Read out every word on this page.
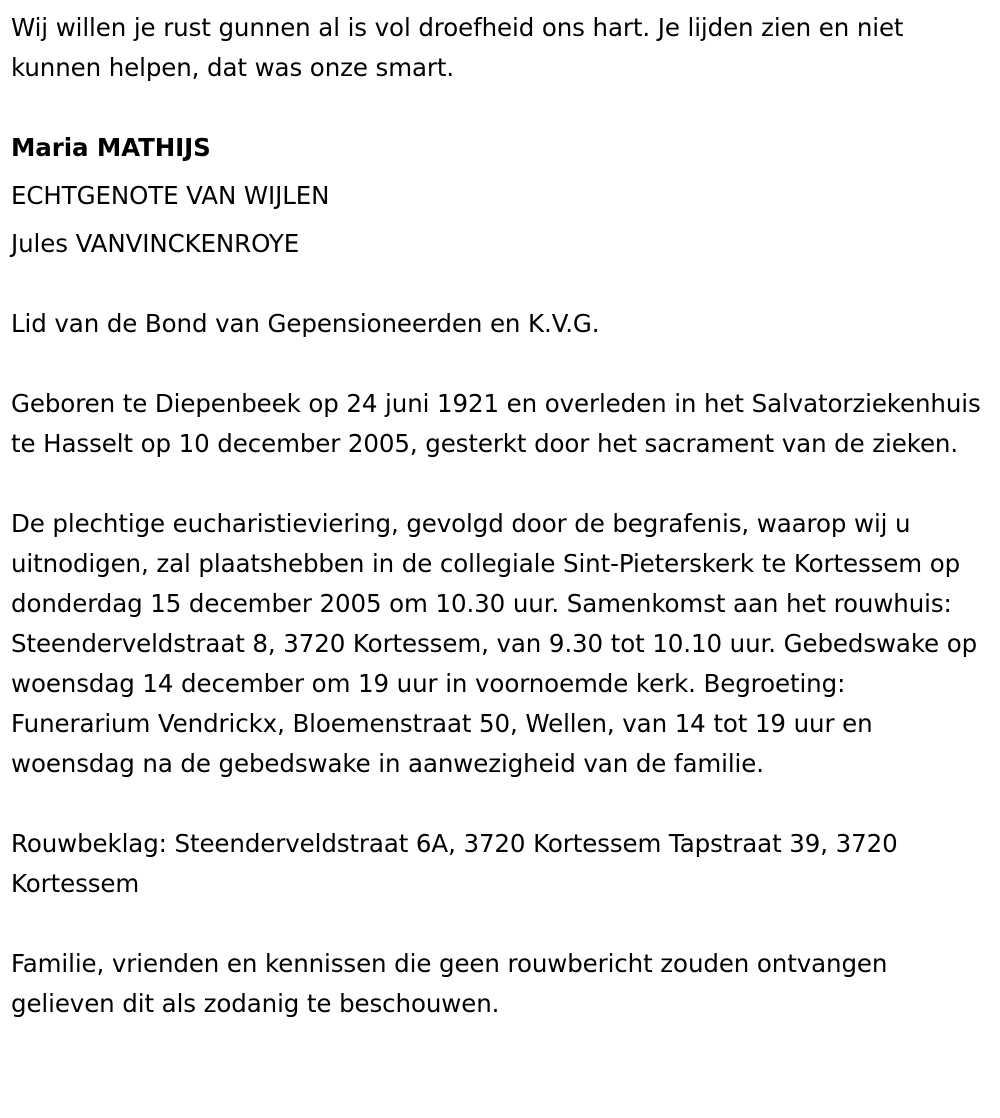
Wij willen je rust gunnen al is vol droefheid ons hart. Je lijden zien en niet kunnen helpen, dat was onze smart.

Maria MATHIJS

ECHTGENOTE VAN WIJLEN

Jules VANVINCKENROYE

Lid van de Bond van Gepensioneerden en K.V.G.

Geboren te Diepenbeek op 24 juni 1921 en overleden in het Salvatorziekenhuis te Hasselt op 10 december 2005, gesterkt door het sacrament van de zieken.

De plechtige eucharistieviering, gevolgd door de begrafenis, waarop wij u uitnodigen, zal plaatshebben in de collegiale Sint-Pieterskerk te Kortessem op donderdag 15 december 2005 om 10.30 uur. Samenkomst aan het rouwhuis: Steenderveldstraat 8, 3720 Kortessem, van 9.30 tot 10.10 uur. Gebedswake op woensdag 14 december om 19 uur in voornoemde kerk. Begroeting: Funerarium Vendrickx, Bloemenstraat 50, Wellen, van 14 tot 19 uur en woensdag na de gebedswake in aanwezigheid van de familie.

Rouwbeklag: Steenderveldstraat 6A, 3720 Kortessem Tapstraat 39, 3720 Kortessem

Familie, vrienden en kennissen die geen rouwbericht zouden ontvangen gelieven dit als zodanig te beschouwen.
